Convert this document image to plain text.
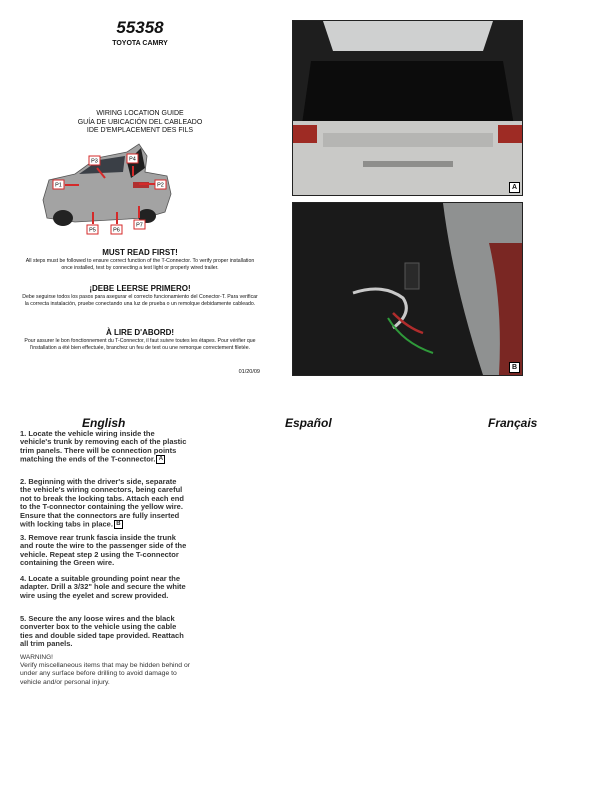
55358
TOYOTA CAMRY
WIRING LOCATION GUIDE
GUÍA DE UBICACIÓN DEL CABLEADO
IDE D'EMPLACEMENT DES FILS
P1	P2
P3	P4
P5	P6
P7
MUST READ FIRST!
All steps must be followed to ensure correct function of the T-Connector. To verify proper installation once installed, test by connecting a test light or properly wired trailer.
¡DEBE LEERSE PRIMERO!
Debe seguirse todos los pasos para asegurar el correcto funcionamiento del Conector-T. Para verificar la correcta instalación, pruebe conectando una luz de prueba o un remolque debidamente cableado.
À LIRE D'ABORD!
Pour assurer le bon fonctionnement du T-Connector, il faut suivre toutes les étapes. Pour vérifier que l'installation a été bien effectuée, branchez un feu de text ou une remorque correctement filetée.
01/20/09
A
B
English	Español	Français
1. Locate the vehicle wiring inside the vehicle's trunk by removing each of the plastic trim panels. There will be connection points matching the ends of the T-connector. A
2. Beginning with the driver's side, separate the vehicle's wiring connectors, being careful not to break the locking tabs. Attach each end to the T-connector containing the yellow wire. Ensure that the connectors are fully inserted with locking tabs in place. B
3. Remove rear trunk fascia inside the trunk and route the wire to the passenger side of the vehicle. Repeat step 2 using the T-connector containing the Green wire.
4. Locate a suitable grounding point near the adapter. Drill a 3/32" hole and secure the white wire using the eyelet and screw provided.
5. Secure the any loose wires and the black converter box to the vehicle using the cable ties and double sided tape provided. Reattach all trim panels.
WARNING!
Verify miscellaneous items that may be hidden behind or under any surface before drilling to avoid damage to vehicle and/or personal injury.
